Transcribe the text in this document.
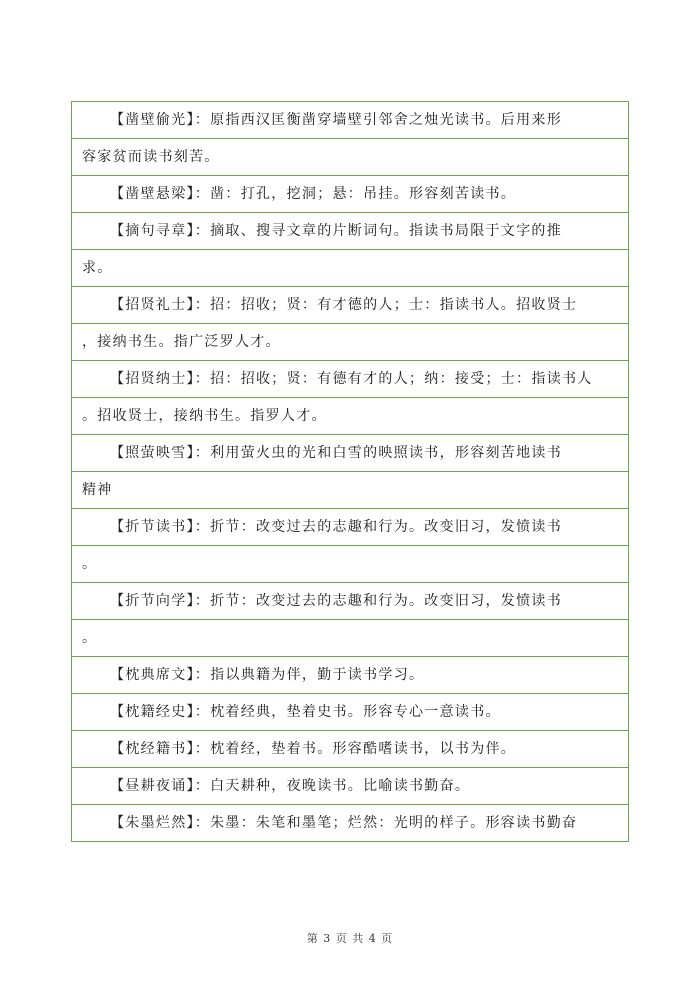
【凿壁偷光】：原指西汉匡衡凿穿墙壁引邻舍之烛光读书。后用来形
容家贫而读书刻苦。
【凿壁悬梁】：凿：打孔，挖洞；悬：吊挂。形容刻苦读书。
【摘句寻章】：摘取、搜寻文章的片断词句。指读书局限于文字的推
求。
【招贤礼士】：招：招收；贤：有才德的人；士：指读书人。招收贤士
，接纳书生。指广泛罗人才。
【招贤纳士】：招：招收；贤：有德有才的人；纳：接受；士：指读书人
。招收贤士，接纳书生。指罗人才。
【照萤映雪】：利用萤火虫的光和白雪的映照读书，形容刻苦地读书
精神
【折节读书】：折节：改变过去的志趣和行为。改变旧习，发愤读书
。
【折节向学】：折节：改变过去的志趣和行为。改变旧习，发愤读书
。
【枕典席文】：指以典籍为伴，勤于读书学习。
【枕籍经史】：枕着经典，垫着史书。形容专心一意读书。
【枕经籍书】：枕着经，垫着书。形容酷嗜读书，以书为伴。
【昼耕夜诵】：白天耕种，夜晚读书。比喻读书勤奋。
【朱墨烂然】：朱墨：朱笔和墨笔；烂然：光明的样子。形容读书勤奋
第 3 页 共 4 页
